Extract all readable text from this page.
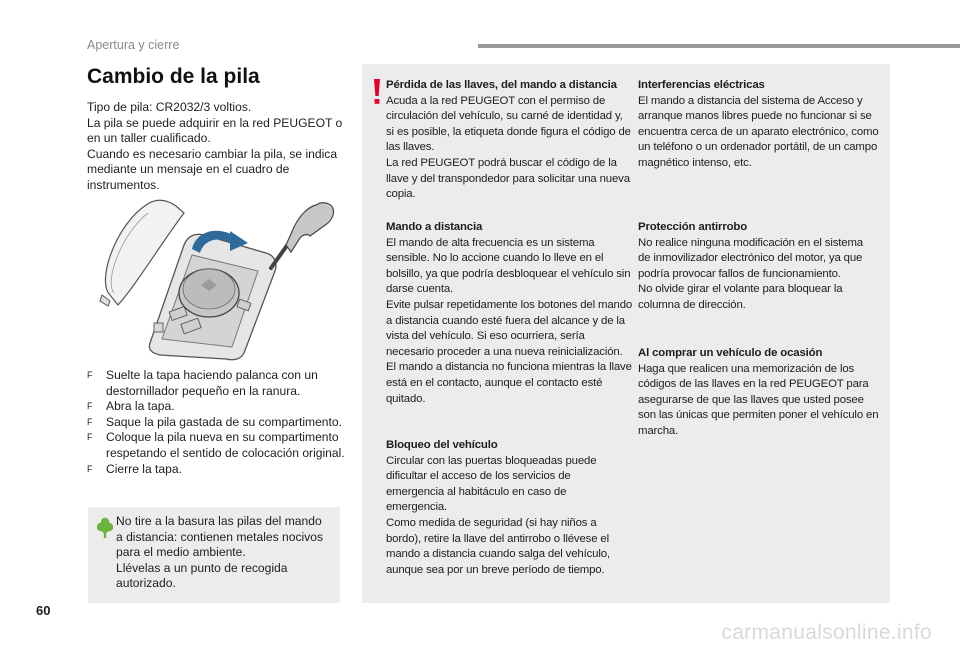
Apertura y cierre
Cambio de la pila

Tipo de pila: CR2032/3 voltios.

La pila se puede adquirir en la red PEUGEOT o en un taller cualificado.

Cuando es necesario cambiar la pila, se indica mediante un mensaje en el cuadro de instrumentos.

F Suelte la tapa haciendo palanca con un destornillador pequeño en la ranura.
F Abra la tapa.
F Saque la pila gastada de su compartimento.
F Coloque la pila nueva en su compartimento respetando el sentido de colocación original.
F Cierre la tapa.

No tire a la basura las pilas del mando a distancia: contienen metales nocivos para el medio ambiente.
Llévelas a un punto de recogida autorizado.

Pérdida de las llaves, del mando a distancia
Acuda a la red PEUGEOT con el permiso de circulación del vehículo, su carné de identidad y, si es posible, la etiqueta donde figura el código de las llaves.
La red PEUGEOT podrá buscar el código de la llave y del transpondedor para solicitar una nueva copia.
Mando a distancia
El mando de alta frecuencia es un sistema sensible. No lo accione cuando lo lleve en el bolsillo, ya que podría desbloquear el vehículo sin darse cuenta.
Evite pulsar repetidamente los botones del mando a distancia cuando esté fuera del alcance y de la vista del vehículo. Si eso ocurriera, sería necesario proceder a una nueva reinicialización.
El mando a distancia no funciona mientras la llave está en el contacto, aunque el contacto esté quitado.
Bloqueo del vehículo
Circular con las puertas bloqueadas puede dificultar el acceso de los servicios de emergencia al habitáculo en caso de emergencia.
Como medida de seguridad (si hay niños a bordo), retire la llave del antirrobo o llévese el mando a distancia cuando salga del vehículo, aunque sea por un breve período de tiempo.
Interferencias eléctricas
El mando a distancia del sistema de Acceso y arranque manos libres puede no funcionar si se encuentra cerca de un aparato electrónico, como un teléfono o un ordenador portátil, de un campo magnético intenso, etc.
Protección antirrobo
No realice ninguna modificación en el sistema de inmovilizador electrónico del motor, ya que podría provocar fallos de funcionamiento.
No olvide girar el volante para bloquear la columna de dirección.
Al comprar un vehículo de ocasión
Haga que realicen una memorización de los códigos de las llaves en la red PEUGEOT para asegurarse de que las llaves que usted posee son las únicas que permiten poner el vehículo en marcha.
60
carmanualsonline.info
